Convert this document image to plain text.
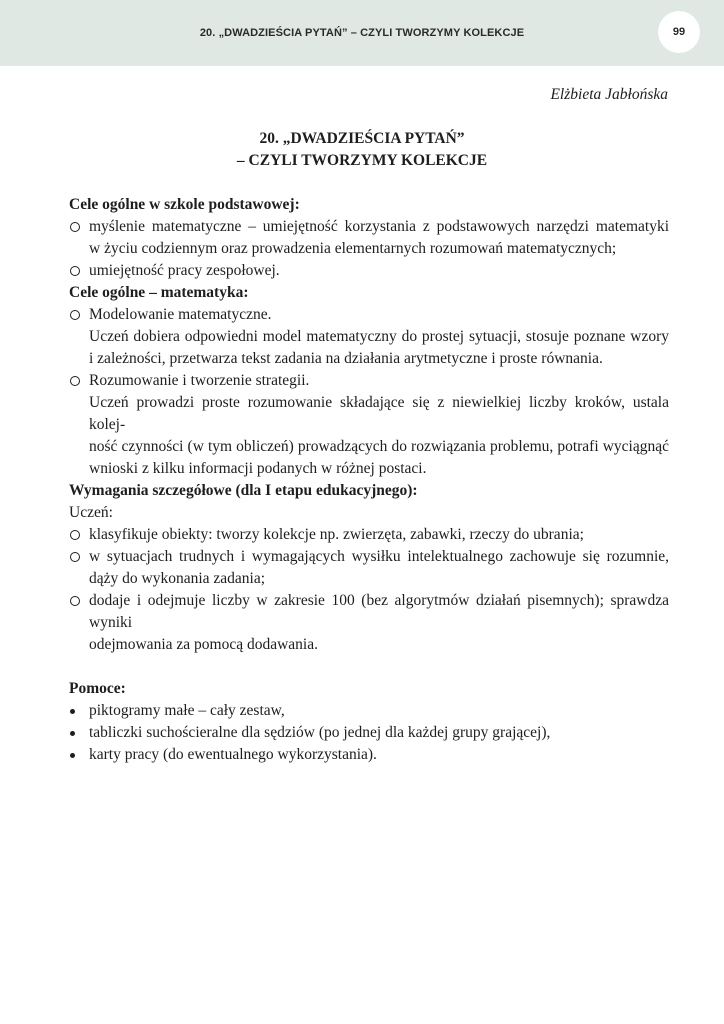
20. „DWADZIEŚCIA PYTAŃ” – CZYLI TWORZYMY KOLEKCJE	99
Elżbieta Jabłońska
20. „DWADZIEŚCIA PYTAŃ”
– CZYLI TWORZYMY KOLEKCJE

Cele ogólne w szkole podstawowej:

myślenie matematyczne – umiejętność korzystania z podstawowych narzędzi matematyki
w życiu codziennym oraz prowadzenia elementarnych rozumowań matematycznych;
umiejętność pracy zespołowej.

Cele ogólne – matematyka:

Modelowanie matematyczne.
Uczeń dobiera odpowiedni model matematyczny do prostej sytuacji, stosuje poznane wzory
i zależności, przetwarza tekst zadania na działania arytmetyczne i proste równania.
Rozumowanie i tworzenie strategii.
Uczeń prowadzi proste rozumowanie składające się z niewielkiej liczby kroków, ustala kolej-
ność czynności (w tym obliczeń) prowadzących do rozwiązania problemu, potrafi wyciągnąć
wnioski z kilku informacji podanych w różnej postaci.

Wymagania szczegółowe (dla I etapu edukacyjnego):

Uczeń:

klasyfikuje obiekty: tworzy kolekcje np. zwierzęta, zabawki, rzeczy do ubrania;
w sytuacjach trudnych i wymagających wysiłku intelektualnego zachowuje się rozumnie,
dąży do wykonania zadania;
dodaje i odejmuje liczby w zakresie 100 (bez algorytmów działań pisemnych); sprawdza wyniki
odejmowania za pomocą dodawania.

Pomoce:

piktogramy małe – cały zestaw,
tabliczki suchościeralne dla sędziów (po jednej dla każdej grupy grającej),
karty pracy (do ewentualnego wykorzystania).
